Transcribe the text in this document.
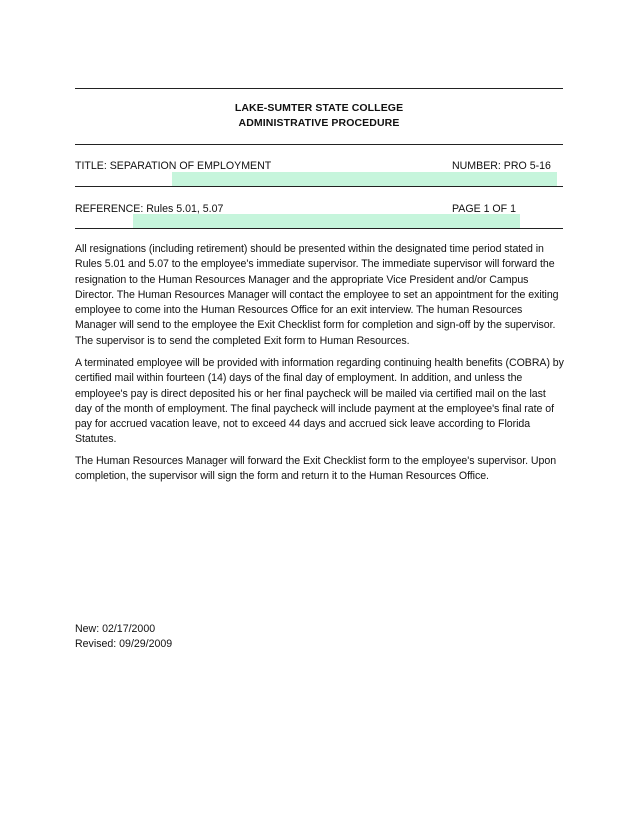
LAKE-SUMTER STATE COLLEGE
ADMINISTRATIVE PROCEDURE
TITLE: SEPARATION OF EMPLOYMENT	NUMBER: PRO 5-16
REFERENCE: Rules 5.01, 5.07	PAGE 1 OF 1

All resignations (including retirement) should be presented within the designated time period stated in Rules 5.01 and 5.07 to the employee's immediate supervisor. The immediate supervisor will forward the resignation to the Human Resources Manager and the appropriate Vice President and/or Campus Director. The Human Resources Manager will contact the employee to set an appointment for the exiting employee to come into the Human Resources Office for an exit interview. The human Resources Manager will send to the employee the Exit Checklist form for completion and sign-off by the supervisor. The supervisor is to send the completed Exit form to Human Resources.

A terminated employee will be provided with information regarding continuing health benefits (COBRA) by certified mail within fourteen (14) days of the final day of employment. In addition, and unless the employee's pay is direct deposited his or her final paycheck will be mailed via certified mail on the last day of the month of employment. The final paycheck will include payment at the employee's final rate of pay for accrued vacation leave, not to exceed 44 days and accrued sick leave according to Florida Statutes.

The Human Resources Manager will forward the Exit Checklist form to the employee's supervisor. Upon completion, the supervisor will sign the form and return it to the Human Resources Office.

New: 02/17/2000
Revised: 09/29/2009
